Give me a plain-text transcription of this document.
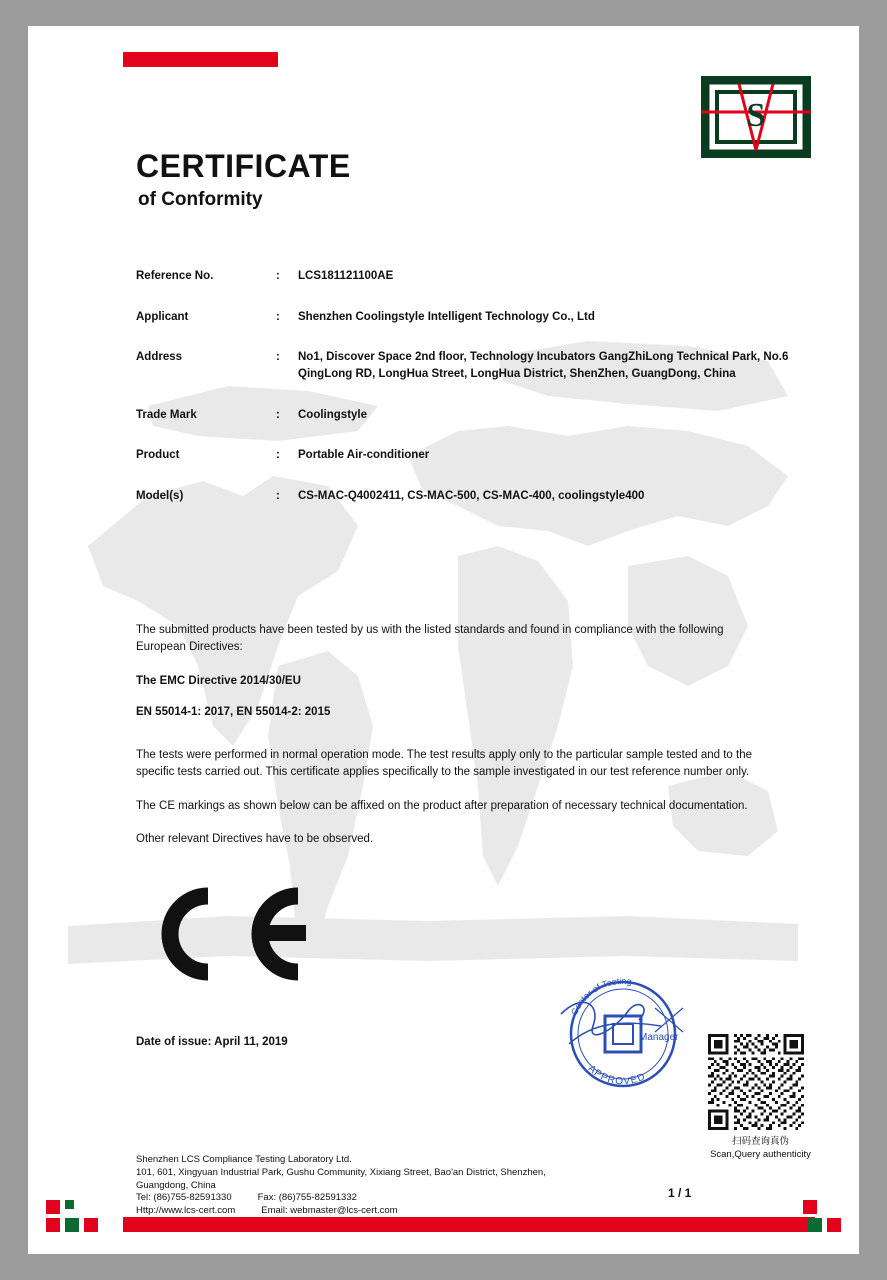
S
CERTIFICATE
of Conformity
Reference No.	:	LCS181121100AE
Applicant	:	Shenzhen Coolingstyle Intelligent Technology Co., Ltd
Address	:	No1, Discover Space 2nd floor, Technology Incubators GangZhiLong Technical Park, No.6 QingLong RD, LongHua Street, LongHua District, ShenZhen, GuangDong, China
Trade Mark	:	Coolingstyle
Product	:	Portable Air-conditioner
Model(s)	:	CS-MAC-Q4002411, CS-MAC-500, CS-MAC-400, coolingstyle400
The submitted products have been tested by us with the listed standards and found in compliance with the following European Directives:
The EMC Directive 2014/30/EU
EN 55014-1: 2017, EN 55014-2: 2015
The tests were performed in normal operation mode. The test results apply only to the particular sample tested and to the specific tests carried out. This certificate applies specifically to the sample investigated in our test reference number only.
The CE markings as shown below can be affixed on the product after preparation of necessary technical documentation.
Other relevant Directives have to be observed.
Date of issue: April 11, 2019
Center of Testing
APPROVED
Manager
扫码查询真伪
Scan,Query authenticity
Shenzhen LCS Compliance Testing Laboratory Ltd.
101, 601, Xingyuan Industrial Park, Gushu Community, Xixiang Street, Bao'an District, Shenzhen,
Guangdong, China
Tel: (86)755-82591330	Fax: (86)755-82591332
Http://www.lcs-cert.com	Email: webmaster@lcs-cert.com
1 / 1
